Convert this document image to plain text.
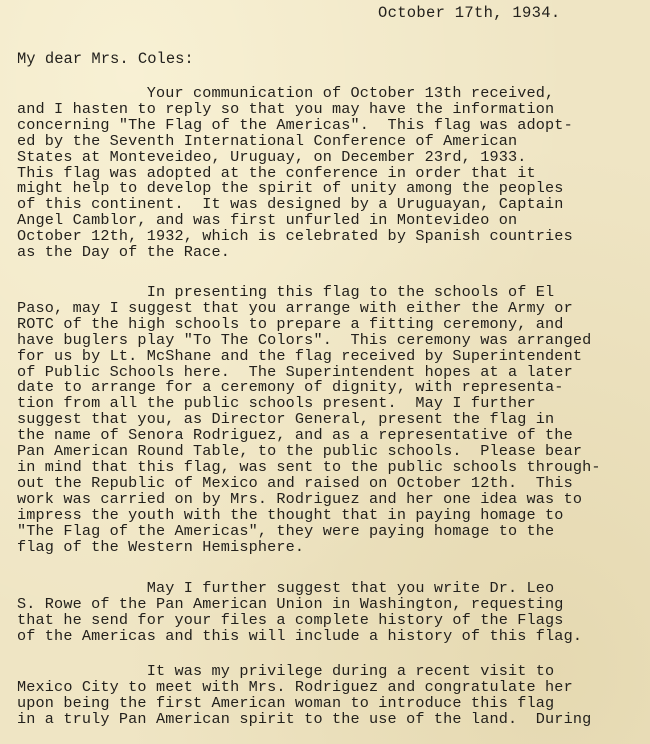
October 17th, 1934.
My dear Mrs. Coles:

Your communication of October 13th received,
and I hasten to reply so that you may have the information
concerning "The Flag of the Americas".  This flag was adopt-
ed by the Seventh International Conference of American
States at Monteveideo, Uruguay, on December 23rd, 1933.
This flag was adopted at the conference in order that it
might help to develop the spirit of unity among the peoples
of this continent.  It was designed by a Uruguayan, Captain
Angel Camblor, and was first unfurled in Montevideo on
October 12th, 1932, which is celebrated by Spanish countries
as the Day of the Race.

In presenting this flag to the schools of El
Paso, may I suggest that you arrange with either the Army or
ROTC of the high schools to prepare a fitting ceremony, and
have buglers play "To The Colors".  This ceremony was arranged
for us by Lt. McShane and the flag received by Superintendent
of Public Schools here.  The Superintendent hopes at a later
date to arrange for a ceremony of dignity, with representa-
tion from all the public schools present.  May I further
suggest that you, as Director General, present the flag in
the name of Senora Rodriguez, and as a representative of the
Pan American Round Table, to the public schools.  Please bear
in mind that this flag, was sent to the public schools through-
out the Republic of Mexico and raised on October 12th.  This
work was carried on by Mrs. Rodriguez and her one idea was to
impress the youth with the thought that in paying homage to
"The Flag of the Americas", they were paying homage to the
flag of the Western Hemisphere.

May I further suggest that you write Dr. Leo
S. Rowe of the Pan American Union in Washington, requesting
that he send for your files a complete history of the Flags
of the Americas and this will include a history of this flag.

It was my privilege during a recent visit to
Mexico City to meet with Mrs. Rodriguez and congratulate her
upon being the first American woman to introduce this flag
in a truly Pan American spirit to the use of the land.  During
